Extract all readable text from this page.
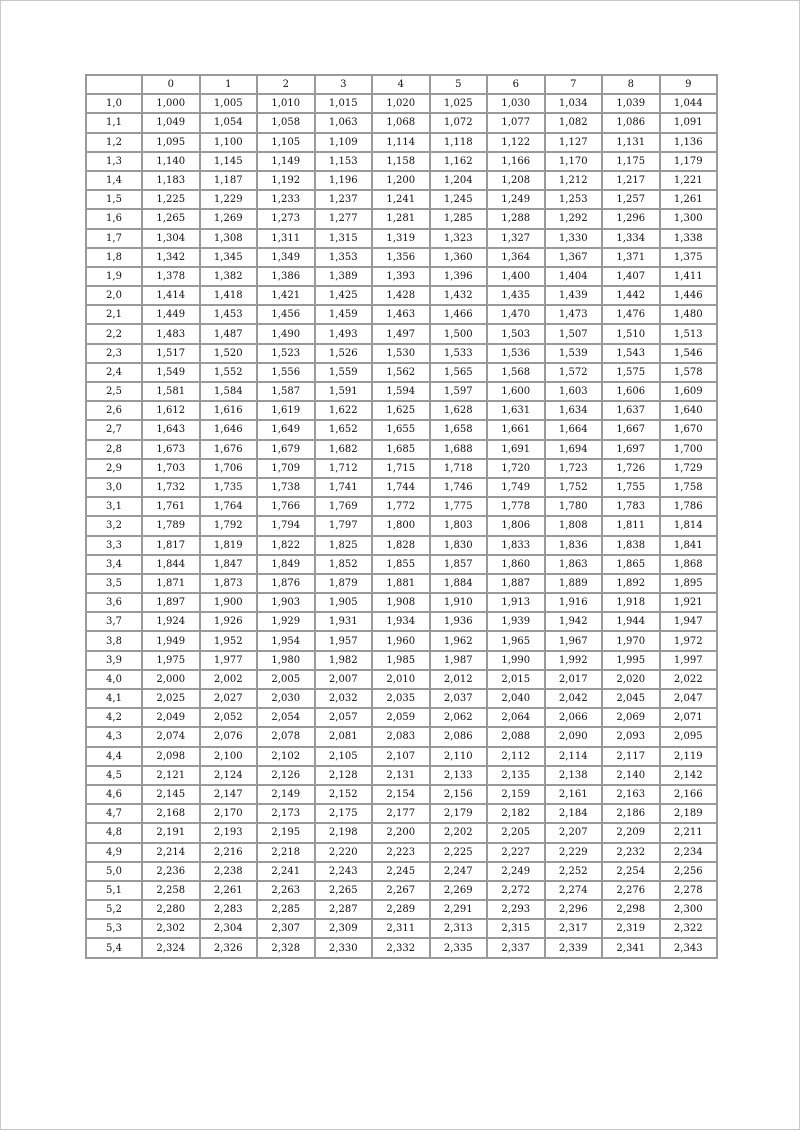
	0	1	2	3	4	5	6	7	8	9
1,0	1,000	1,005	1,010	1,015	1,020	1,025	1,030	1,034	1,039	1,044
1,1	1,049	1,054	1,058	1,063	1,068	1,072	1,077	1,082	1,086	1,091
1,2	1,095	1,100	1,105	1,109	1,114	1,118	1,122	1,127	1,131	1,136
1,3	1,140	1,145	1,149	1,153	1,158	1,162	1,166	1,170	1,175	1,179
1,4	1,183	1,187	1,192	1,196	1,200	1,204	1,208	1,212	1,217	1,221
1,5	1,225	1,229	1,233	1,237	1,241	1,245	1,249	1,253	1,257	1,261
1,6	1,265	1,269	1,273	1,277	1,281	1,285	1,288	1,292	1,296	1,300
1,7	1,304	1,308	1,311	1,315	1,319	1,323	1,327	1,330	1,334	1,338
1,8	1,342	1,345	1,349	1,353	1,356	1,360	1,364	1,367	1,371	1,375
1,9	1,378	1,382	1,386	1,389	1,393	1,396	1,400	1,404	1,407	1,411
2,0	1,414	1,418	1,421	1,425	1,428	1,432	1,435	1,439	1,442	1,446
2,1	1,449	1,453	1,456	1,459	1,463	1,466	1,470	1,473	1,476	1,480
2,2	1,483	1,487	1,490	1,493	1,497	1,500	1,503	1,507	1,510	1,513
2,3	1,517	1,520	1,523	1,526	1,530	1,533	1,536	1,539	1,543	1,546
2,4	1,549	1,552	1,556	1,559	1,562	1,565	1,568	1,572	1,575	1,578
2,5	1,581	1,584	1,587	1,591	1,594	1,597	1,600	1,603	1,606	1,609
2,6	1,612	1,616	1,619	1,622	1,625	1,628	1,631	1,634	1,637	1,640
2,7	1,643	1,646	1,649	1,652	1,655	1,658	1,661	1,664	1,667	1,670
2,8	1,673	1,676	1,679	1,682	1,685	1,688	1,691	1,694	1,697	1,700
2,9	1,703	1,706	1,709	1,712	1,715	1,718	1,720	1,723	1,726	1,729
3,0	1,732	1,735	1,738	1,741	1,744	1,746	1,749	1,752	1,755	1,758
3,1	1,761	1,764	1,766	1,769	1,772	1,775	1,778	1,780	1,783	1,786
3,2	1,789	1,792	1,794	1,797	1,800	1,803	1,806	1,808	1,811	1,814
3,3	1,817	1,819	1,822	1,825	1,828	1,830	1,833	1,836	1,838	1,841
3,4	1,844	1,847	1,849	1,852	1,855	1,857	1,860	1,863	1,865	1,868
3,5	1,871	1,873	1,876	1,879	1,881	1,884	1,887	1,889	1,892	1,895
3,6	1,897	1,900	1,903	1,905	1,908	1,910	1,913	1,916	1,918	1,921
3,7	1,924	1,926	1,929	1,931	1,934	1,936	1,939	1,942	1,944	1,947
3,8	1,949	1,952	1,954	1,957	1,960	1,962	1,965	1,967	1,970	1,972
3,9	1,975	1,977	1,980	1,982	1,985	1,987	1,990	1,992	1,995	1,997
4,0	2,000	2,002	2,005	2,007	2,010	2,012	2,015	2,017	2,020	2,022
4,1	2,025	2,027	2,030	2,032	2,035	2,037	2,040	2,042	2,045	2,047
4,2	2,049	2,052	2,054	2,057	2,059	2,062	2,064	2,066	2,069	2,071
4,3	2,074	2,076	2,078	2,081	2,083	2,086	2,088	2,090	2,093	2,095
4,4	2,098	2,100	2,102	2,105	2,107	2,110	2,112	2,114	2,117	2,119
4,5	2,121	2,124	2,126	2,128	2,131	2,133	2,135	2,138	2,140	2,142
4,6	2,145	2,147	2,149	2,152	2,154	2,156	2,159	2,161	2,163	2,166
4,7	2,168	2,170	2,173	2,175	2,177	2,179	2,182	2,184	2,186	2,189
4,8	2,191	2,193	2,195	2,198	2,200	2,202	2,205	2,207	2,209	2,211
4,9	2,214	2,216	2,218	2,220	2,223	2,225	2,227	2,229	2,232	2,234
5,0	2,236	2,238	2,241	2,243	2,245	2,247	2,249	2,252	2,254	2,256
5,1	2,258	2,261	2,263	2,265	2,267	2,269	2,272	2,274	2,276	2,278
5,2	2,280	2,283	2,285	2,287	2,289	2,291	2,293	2,296	2,298	2,300
5,3	2,302	2,304	2,307	2,309	2,311	2,313	2,315	2,317	2,319	2,322
5,4	2,324	2,326	2,328	2,330	2,332	2,335	2,337	2,339	2,341	2,343
